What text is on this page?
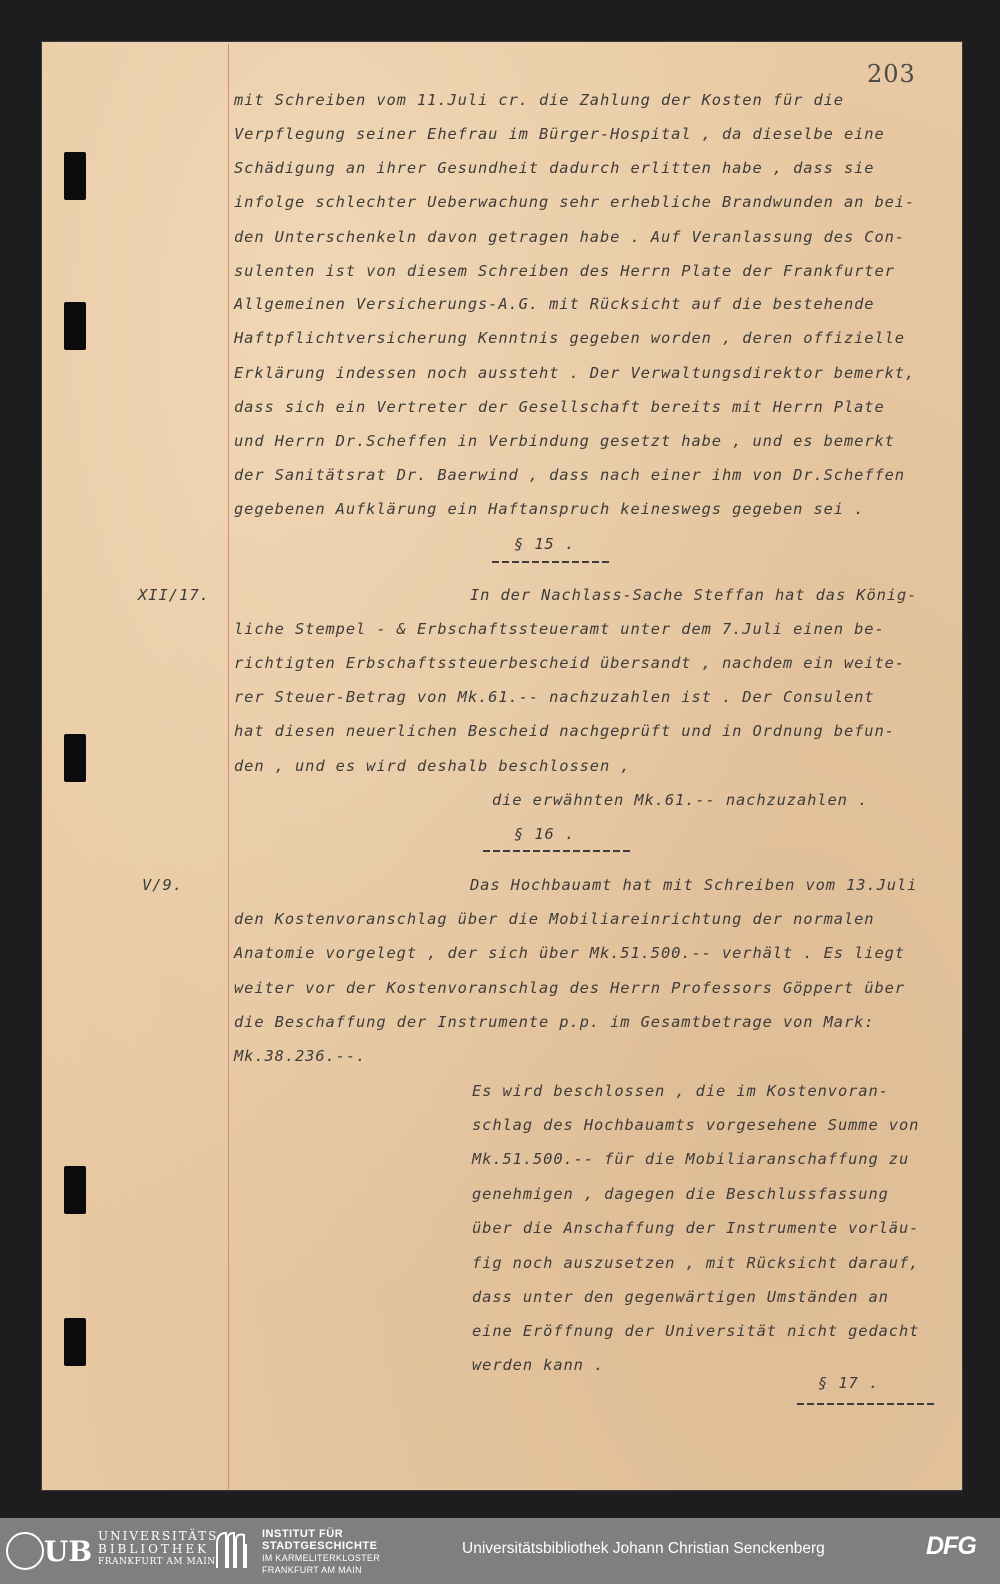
203
mit Schreiben vom 11.Juli cr. die Zahlung der Kosten für die
Verpflegung seiner Ehefrau im Bürger-Hospital , da dieselbe eine
Schädigung an ihrer Gesundheit dadurch erlitten habe , dass sie
infolge schlechter Ueberwachung sehr erhebliche Brandwunden an bei-
den Unterschenkeln davon getragen habe . Auf Veranlassung des Con-
sulenten ist von diesem Schreiben des Herrn Plate der Frankfurter
Allgemeinen Versicherungs-A.G. mit Rücksicht auf die bestehende
Haftpflichtversicherung Kenntnis gegeben worden , deren offizielle
Erklärung indessen noch aussteht . Der Verwaltungsdirektor bemerkt,
dass sich ein Vertreter der Gesellschaft bereits mit Herrn Plate
und Herrn Dr.Scheffen in Verbindung gesetzt habe , und es bemerkt
der Sanitätsrat Dr. Baerwind , dass nach einer ihm von Dr.Scheffen
gegebenen Aufklärung ein Haftanspruch keineswegs gegeben sei .
§ 15 .
XII/17.	In der Nachlass-Sache Steffan hat das König-
liche Stempel - & Erbschaftssteueramt unter dem 7.Juli einen be-
richtigten Erbschaftssteuerbescheid übersandt , nachdem ein weite-
rer Steuer-Betrag von Mk.61.-- nachzuzahlen ist . Der Consulent
hat diesen neuerlichen Bescheid nachgeprüft und in Ordnung befun-
den , und es wird deshalb beschlossen ,
die erwähnten Mk.61.-- nachzuzahlen .
§ 16 .
V/9.	Das Hochbauamt hat mit Schreiben vom 13.Juli
den Kostenvoranschlag über die Mobiliareinrichtung der normalen
Anatomie vorgelegt , der sich über Mk.51.500.-- verhält . Es liegt
weiter vor der Kostenvoranschlag des Herrn Professors Göppert über
die Beschaffung der Instrumente p.p. im Gesamtbetrage von Mark:
Mk.38.236.--.
Es wird beschlossen , die im Kostenvoran-
schlag des Hochbauamts vorgesehene Summe von
Mk.51.500.-- für die Mobiliaranschaffung zu
genehmigen , dagegen die Beschlussfassung
über die Anschaffung der Instrumente vorläu-
fig noch auszusetzen , mit Rücksicht darauf,
dass unter den gegenwärtigen Umständen an
eine Eröffnung der Universität nicht gedacht
werden kann .
§ 17 .
UB UNIVERSITÄTS
BIBLIOTHEK
FRANKFURT AM MAIN
INSTITUT FÜR
STADTGESCHICHTE
IM KARMELITERKLOSTER
FRANKFURT AM MAIN
Universitätsbibliothek Johann Christian Senckenberg	DFG
